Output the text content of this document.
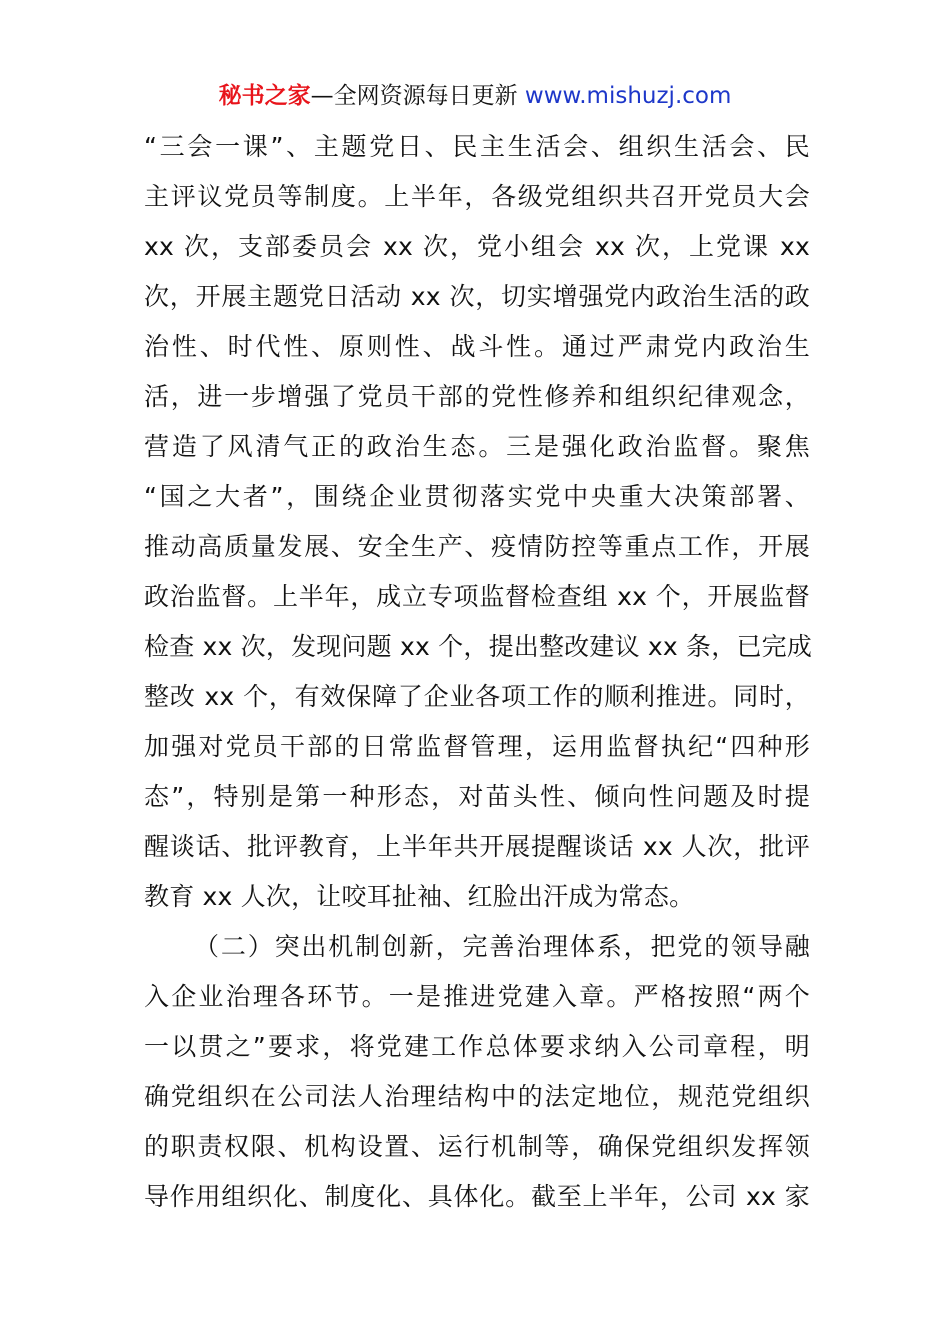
秘书之家—全网资源每日更新 www.mishuzj.com
“三会一课”、主题党日、民主生活会、组织生活会、民
主评议党员等制度。上半年，各级党组织共召开党员大会
xx 次，支部委员会 xx 次，党小组会 xx 次，上党课 xx
次，开展主题党日活动 xx 次，切实增强党内政治生活的政
治性、时代性、原则性、战斗性。通过严肃党内政治生
活，进一步增强了党员干部的党性修养和组织纪律观念，
营造了风清气正的政治生态。三是强化政治监督。聚焦
“国之大者”，围绕企业贯彻落实党中央重大决策部署、
推动高质量发展、安全生产、疫情防控等重点工作，开展
政治监督。上半年，成立专项监督检查组 xx 个，开展监督
检查 xx 次，发现问题 xx 个，提出整改建议 xx 条，已完成
整改 xx 个，有效保障了企业各项工作的顺利推进。同时，
加强对党员干部的日常监督管理，运用监督执纪“四种形
态”，特别是第一种形态，对苗头性、倾向性问题及时提
醒谈话、批评教育，上半年共开展提醒谈话 xx 人次，批评
教育 xx 人次，让咬耳扯袖、红脸出汗成为常态。
（二）突出机制创新，完善治理体系，把党的领导融
入企业治理各环节。一是推进党建入章。严格按照“两个
一以贯之”要求，将党建工作总体要求纳入公司章程，明
确党组织在公司法人治理结构中的法定地位，规范党组织
的职责权限、机构设置、运行机制等，确保党组织发挥领
导作用组织化、制度化、具体化。截至上半年，公司 xx 家
